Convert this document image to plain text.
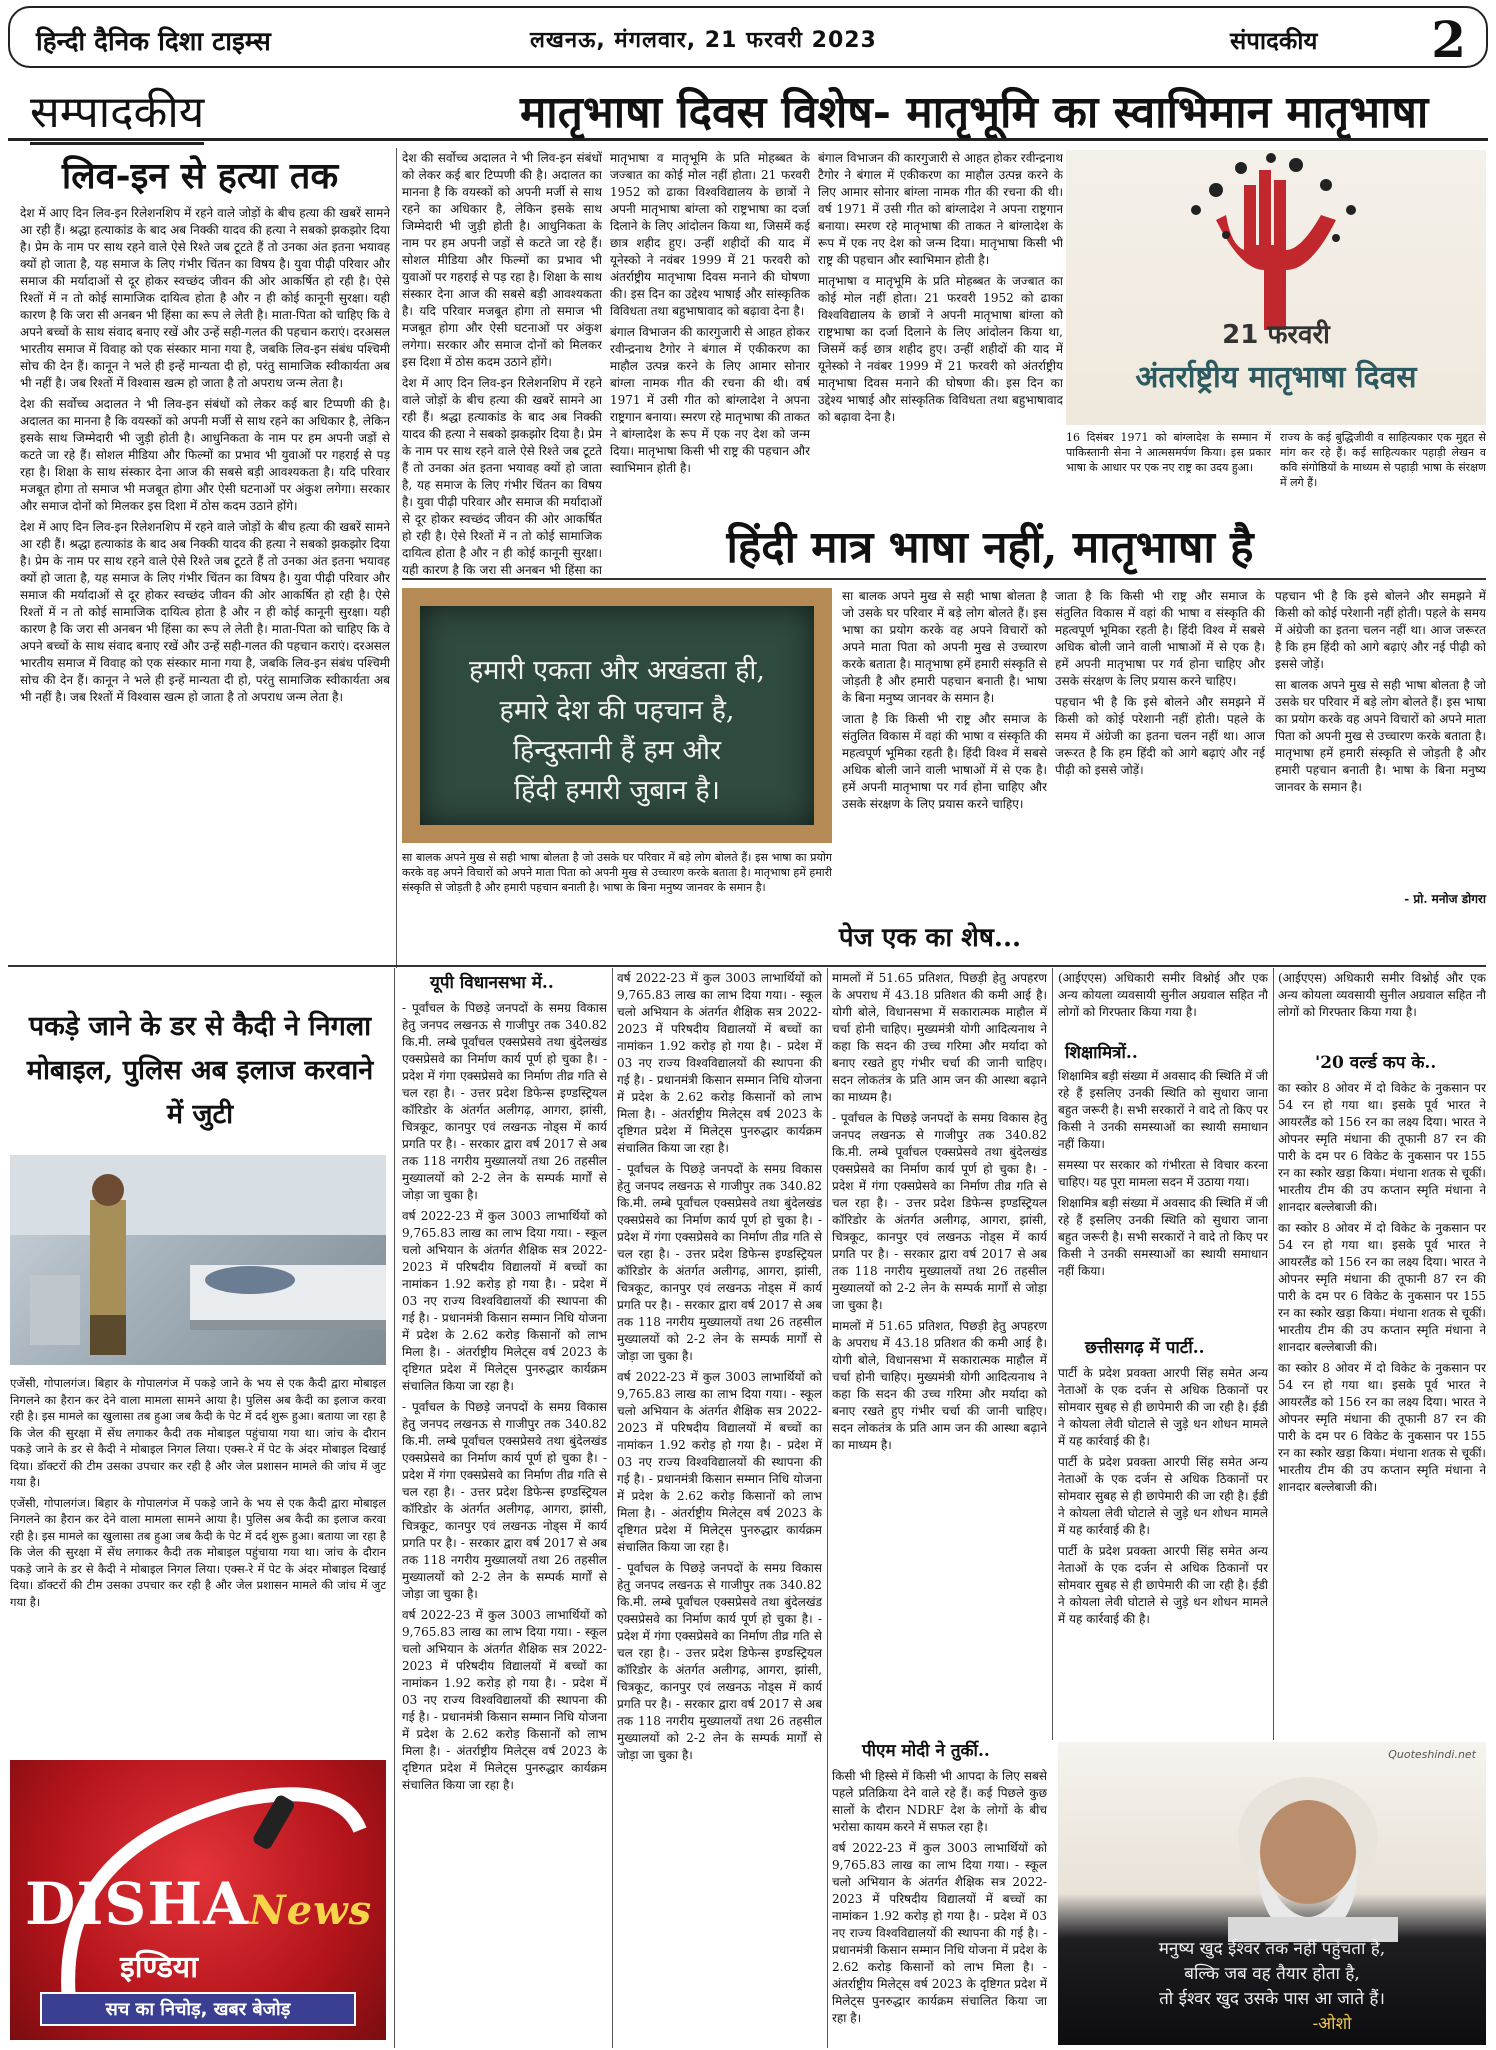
हिन्दी दैनिक दिशा टाइम्स	लखनऊ, मंगलवार, 21 फरवरी 2023	संपादकीय 2
सम्पादकीय	मातृभाषा दिवस विशेष- मातृभूमि का स्वाभिमान मातृभाषा
लिव-इन से हत्या तक

देश में आए दिन लिव-इन रिलेशनशिप में रहने वाले जोड़ों के बीच हत्या की खबरें सामने आ रही हैं। श्रद्धा हत्याकांड के बाद अब निक्की यादव की हत्या ने सबको झकझोर दिया है। प्रेम के नाम पर साथ रहने वाले ऐसे रिश्ते जब टूटते हैं तो उनका अंत इतना भयावह क्यों हो जाता है, यह समाज के लिए गंभीर चिंतन का विषय है। युवा पीढ़ी परिवार और समाज की मर्यादाओं से दूर होकर स्वच्छंद जीवन की ओर आकर्षित हो रही है। ऐसे रिश्तों में न तो कोई सामाजिक दायित्व होता है और न ही कोई कानूनी सुरक्षा। यही कारण है कि जरा सी अनबन भी हिंसा का रूप ले लेती है। माता-पिता को चाहिए कि वे अपने बच्चों के साथ संवाद बनाए रखें और उन्हें सही-गलत की पहचान कराएं। दरअसल भारतीय समाज में विवाह को एक संस्कार माना गया है, जबकि लिव-इन संबंध पश्चिमी सोच की देन हैं। कानून ने भले ही इन्हें मान्यता दी हो, परंतु सामाजिक स्वीकार्यता अब भी नहीं है। जब रिश्तों में विश्वास खत्म हो जाता है तो अपराध जन्म लेता है।

देश की सर्वोच्च अदालत ने भी लिव-इन संबंधों को लेकर कई बार टिप्पणी की है। अदालत का मानना है कि वयस्कों को अपनी मर्जी से साथ रहने का अधिकार है, लेकिन इसके साथ जिम्मेदारी भी जुड़ी होती है। आधुनिकता के नाम पर हम अपनी जड़ों से कटते जा रहे हैं। सोशल मीडिया और फिल्मों का प्रभाव भी युवाओं पर गहराई से पड़ रहा है। शिक्षा के साथ संस्कार देना आज की सबसे बड़ी आवश्यकता है। यदि परिवार मजबूत होगा तो समाज भी मजबूत होगा और ऐसी घटनाओं पर अंकुश लगेगा। सरकार और समाज दोनों को मिलकर इस दिशा में ठोस कदम उठाने होंगे।

देश में आए दिन लिव-इन रिलेशनशिप में रहने वाले जोड़ों के बीच हत्या की खबरें सामने आ रही हैं। श्रद्धा हत्याकांड के बाद अब निक्की यादव की हत्या ने सबको झकझोर दिया है। प्रेम के नाम पर साथ रहने वाले ऐसे रिश्ते जब टूटते हैं तो उनका अंत इतना भयावह क्यों हो जाता है, यह समाज के लिए गंभीर चिंतन का विषय है। युवा पीढ़ी परिवार और समाज की मर्यादाओं से दूर होकर स्वच्छंद जीवन की ओर आकर्षित हो रही है। ऐसे रिश्तों में न तो कोई सामाजिक दायित्व होता है और न ही कोई कानूनी सुरक्षा। यही कारण है कि जरा सी अनबन भी हिंसा का रूप ले लेती है। माता-पिता को चाहिए कि वे अपने बच्चों के साथ संवाद बनाए रखें और उन्हें सही-गलत की पहचान कराएं। दरअसल भारतीय समाज में विवाह को एक संस्कार माना गया है, जबकि लिव-इन संबंध पश्चिमी सोच की देन हैं। कानून ने भले ही इन्हें मान्यता दी हो, परंतु सामाजिक स्वीकार्यता अब भी नहीं है। जब रिश्तों में विश्वास खत्म हो जाता है तो अपराध जन्म लेता है।

देश की सर्वोच्च अदालत ने भी लिव-इन संबंधों को लेकर कई बार टिप्पणी की है। अदालत का मानना है कि वयस्कों को अपनी मर्जी से साथ रहने का अधिकार है, लेकिन इसके साथ जिम्मेदारी भी जुड़ी होती है। आधुनिकता के नाम पर हम अपनी जड़ों से कटते जा रहे हैं। सोशल मीडिया और फिल्मों का प्रभाव भी युवाओं पर गहराई से पड़ रहा है। शिक्षा के साथ संस्कार देना आज की सबसे बड़ी आवश्यकता है। यदि परिवार मजबूत होगा तो समाज भी मजबूत होगा और ऐसी घटनाओं पर अंकुश लगेगा। सरकार और समाज दोनों को मिलकर इस दिशा में ठोस कदम उठाने होंगे।

देश में आए दिन लिव-इन रिलेशनशिप में रहने वाले जोड़ों के बीच हत्या की खबरें सामने आ रही हैं। श्रद्धा हत्याकांड के बाद अब निक्की यादव की हत्या ने सबको झकझोर दिया है। प्रेम के नाम पर साथ रहने वाले ऐसे रिश्ते जब टूटते हैं तो उनका अंत इतना भयावह क्यों हो जाता है, यह समाज के लिए गंभीर चिंतन का विषय है। युवा पीढ़ी परिवार और समाज की मर्यादाओं से दूर होकर स्वच्छंद जीवन की ओर आकर्षित हो रही है। ऐसे रिश्तों में न तो कोई सामाजिक दायित्व होता है और न ही कोई कानूनी सुरक्षा। यही कारण है कि जरा सी अनबन भी हिंसा का

मातृभाषा व मातृभूमि के प्रति मोहब्बत के जज्बात का कोई मोल नहीं होता। 21 फरवरी 1952 को ढाका विश्वविद्यालय के छात्रों ने अपनी मातृभाषा बांग्ला को राष्ट्रभाषा का दर्जा दिलाने के लिए आंदोलन किया था, जिसमें कई छात्र शहीद हुए। उन्हीं शहीदों की याद में यूनेस्को ने नवंबर 1999 में 21 फरवरी को अंतर्राष्ट्रीय मातृभाषा दिवस मनाने की घोषणा की। इस दिन का उद्देश्य भाषाई और सांस्कृतिक विविधता तथा बहुभाषावाद को बढ़ावा देना है।

बंगाल विभाजन की कारगुजारी से आहत होकर रवीन्द्रनाथ टैगोर ने बंगाल में एकीकरण का माहौल उत्पन्न करने के लिए आमार सोनार बांग्ला नामक गीत की रचना की थी। वर्ष 1971 में उसी गीत को बांग्लादेश ने अपना राष्ट्रगान बनाया। स्मरण रहे मातृभाषा की ताकत ने बांग्लादेश के रूप में एक नए देश को जन्म दिया। मातृभाषा किसी भी राष्ट्र की पहचान और स्वाभिमान होती है।

बंगाल विभाजन की कारगुजारी से आहत होकर रवीन्द्रनाथ टैगोर ने बंगाल में एकीकरण का माहौल उत्पन्न करने के लिए आमार सोनार बांग्ला नामक गीत की रचना की थी। वर्ष 1971 में उसी गीत को बांग्लादेश ने अपना राष्ट्रगान बनाया। स्मरण रहे मातृभाषा की ताकत ने बांग्लादेश के रूप में एक नए देश को जन्म दिया। मातृभाषा किसी भी राष्ट्र की पहचान और स्वाभिमान होती है।

मातृभाषा व मातृभूमि के प्रति मोहब्बत के जज्बात का कोई मोल नहीं होता। 21 फरवरी 1952 को ढाका विश्वविद्यालय के छात्रों ने अपनी मातृभाषा बांग्ला को राष्ट्रभाषा का दर्जा दिलाने के लिए आंदोलन किया था, जिसमें कई छात्र शहीद हुए। उन्हीं शहीदों की याद में यूनेस्को ने नवंबर 1999 में 21 फरवरी को अंतर्राष्ट्रीय मातृभाषा दिवस मनाने की घोषणा की। इस दिन का उद्देश्य भाषाई और सांस्कृतिक विविधता तथा बहुभाषावाद को बढ़ावा देना है।

21 फरवरी
अंतर्राष्ट्रीय मातृभाषा दिवस
16 दिसंबर 1971 को बांग्लादेश के सम्मान में पाकिस्तानी सेना ने आत्मसमर्पण किया। इस प्रकार भाषा के आधार पर एक नए राष्ट्र का उदय हुआ।
राज्य के कई बुद्धिजीवी व साहित्यकार एक मुद्दत से मांग कर रहे हैं। कई साहित्यकार पहाड़ी लेखन व कवि संगोष्ठियों के माध्यम से पहाड़ी भाषा के संरक्षण में लगे हैं।
हिंदी मात्र भाषा नहीं, मातृभाषा है
हमारी एकता और अखंडता ही,
हमारे देश की पहचान है,
हिन्दुस्तानी हैं हम और
हिंदी हमारी जुबान है।
सा बालक अपने मुख से सही भाषा बोलता है जो उसके घर परिवार में बड़े लोग बोलते हैं। इस भाषा का प्रयोग करके वह अपने विचारों को अपने माता पिता को अपनी मुख से उच्चारण करके बताता है। मातृभाषा हमें हमारी संस्कृति से जोड़ती है और हमारी पहचान बनाती है। भाषा के बिना मनुष्य जानवर के समान है।

सा बालक अपने मुख से सही भाषा बोलता है जो उसके घर परिवार में बड़े लोग बोलते हैं। इस भाषा का प्रयोग करके वह अपने विचारों को अपने माता पिता को अपनी मुख से उच्चारण करके बताता है। मातृभाषा हमें हमारी संस्कृति से जोड़ती है और हमारी पहचान बनाती है। भाषा के बिना मनुष्य जानवर के समान है।

जाता है कि किसी भी राष्ट्र और समाज के संतुलित विकास में वहां की भाषा व संस्कृति की महत्वपूर्ण भूमिका रहती है। हिंदी विश्व में सबसे अधिक बोली जाने वाली भाषाओं में से एक है। हमें अपनी मातृभाषा पर गर्व होना चाहिए और उसके संरक्षण के लिए प्रयास करने चाहिए।

जाता है कि किसी भी राष्ट्र और समाज के संतुलित विकास में वहां की भाषा व संस्कृति की महत्वपूर्ण भूमिका रहती है। हिंदी विश्व में सबसे अधिक बोली जाने वाली भाषाओं में से एक है। हमें अपनी मातृभाषा पर गर्व होना चाहिए और उसके संरक्षण के लिए प्रयास करने चाहिए।

पहचान भी है कि इसे बोलने और समझने में किसी को कोई परेशानी नहीं होती। पहले के समय में अंग्रेजी का इतना चलन नहीं था। आज जरूरत है कि हम हिंदी को आगे बढ़ाएं और नई पीढ़ी को इससे जोड़ें।

पहचान भी है कि इसे बोलने और समझने में किसी को कोई परेशानी नहीं होती। पहले के समय में अंग्रेजी का इतना चलन नहीं था। आज जरूरत है कि हम हिंदी को आगे बढ़ाएं और नई पीढ़ी को इससे जोड़ें।

सा बालक अपने मुख से सही भाषा बोलता है जो उसके घर परिवार में बड़े लोग बोलते हैं। इस भाषा का प्रयोग करके वह अपने विचारों को अपने माता पिता को अपनी मुख से उच्चारण करके बताता है। मातृभाषा हमें हमारी संस्कृति से जोड़ती है और हमारी पहचान बनाती है। भाषा के बिना मनुष्य जानवर के समान है।

- प्रो. मनोज डोगरा
पेज एक का शेष...
पकड़े जाने के डर से कैदी ने निगला मोबाइल, पुलिस अब इलाज करवाने में जुटी

एजेंसी, गोपालगंज। बिहार के गोपालगंज में पकड़े जाने के भय से एक कैदी द्वारा मोबाइल निगलने का हैरान कर देने वाला मामला सामने आया है। पुलिस अब कैदी का इलाज करवा रही है। इस मामले का खुलासा तब हुआ जब कैदी के पेट में दर्द शुरू हुआ। बताया जा रहा है कि जेल की सुरक्षा में सेंध लगाकर कैदी तक मोबाइल पहुंचाया गया था। जांच के दौरान पकड़े जाने के डर से कैदी ने मोबाइल निगल लिया। एक्स-रे में पेट के अंदर मोबाइल दिखाई दिया। डॉक्टरों की टीम उसका उपचार कर रही है और जेल प्रशासन मामले की जांच में जुट गया है।

एजेंसी, गोपालगंज। बिहार के गोपालगंज में पकड़े जाने के भय से एक कैदी द्वारा मोबाइल निगलने का हैरान कर देने वाला मामला सामने आया है। पुलिस अब कैदी का इलाज करवा रही है। इस मामले का खुलासा तब हुआ जब कैदी के पेट में दर्द शुरू हुआ। बताया जा रहा है कि जेल की सुरक्षा में सेंध लगाकर कैदी तक मोबाइल पहुंचाया गया था। जांच के दौरान पकड़े जाने के डर से कैदी ने मोबाइल निगल लिया। एक्स-रे में पेट के अंदर मोबाइल दिखाई दिया। डॉक्टरों की टीम उसका उपचार कर रही है और जेल प्रशासन मामले की जांच में जुट गया है।

DISHANews
इण्डिया
सच का निचोड़, खबर बेजोड़
यूपी विधानसभा में..

- पूर्वांचल के पिछड़े जनपदों के समग्र विकास हेतु जनपद लखनऊ से गाजीपुर तक 340.82 कि.मी. लम्बे पूर्वांचल एक्सप्रेसवे तथा बुंदेलखंड एक्सप्रेसवे का निर्माण कार्य पूर्ण हो चुका है। - प्रदेश में गंगा एक्सप्रेसवे का निर्माण तीव्र गति से चल रहा है। - उत्तर प्रदेश डिफेन्स इण्डस्ट्रियल कॉरिडोर के अंतर्गत अलीगढ़, आगरा, झांसी, चित्रकूट, कानपुर एवं लखनऊ नोड्स में कार्य प्रगति पर है। - सरकार द्वारा वर्ष 2017 से अब तक 118 नगरीय मुख्यालयों तथा 26 तहसील मुख्यालयों को 2-2 लेन के सम्पर्क मार्गों से जोड़ा जा चुका है।

वर्ष 2022-23 में कुल 3003 लाभार्थियों को 9,765.83 लाख का लाभ दिया गया। - स्कूल चलो अभियान के अंतर्गत शैक्षिक सत्र 2022-2023 में परिषदीय विद्यालयों में बच्चों का नामांकन 1.92 करोड़ हो गया है। - प्रदेश में 03 नए राज्य विश्वविद्यालयों की स्थापना की गई है। - प्रधानमंत्री किसान सम्मान निधि योजना में प्रदेश के 2.62 करोड़ किसानों को लाभ मिला है। - अंतर्राष्ट्रीय मिलेट्स वर्ष 2023 के दृष्टिगत प्रदेश में मिलेट्स पुनरुद्धार कार्यक्रम संचालित किया जा रहा है।

- पूर्वांचल के पिछड़े जनपदों के समग्र विकास हेतु जनपद लखनऊ से गाजीपुर तक 340.82 कि.मी. लम्बे पूर्वांचल एक्सप्रेसवे तथा बुंदेलखंड एक्सप्रेसवे का निर्माण कार्य पूर्ण हो चुका है। - प्रदेश में गंगा एक्सप्रेसवे का निर्माण तीव्र गति से चल रहा है। - उत्तर प्रदेश डिफेन्स इण्डस्ट्रियल कॉरिडोर के अंतर्गत अलीगढ़, आगरा, झांसी, चित्रकूट, कानपुर एवं लखनऊ नोड्स में कार्य प्रगति पर है। - सरकार द्वारा वर्ष 2017 से अब तक 118 नगरीय मुख्यालयों तथा 26 तहसील मुख्यालयों को 2-2 लेन के सम्पर्क मार्गों से जोड़ा जा चुका है।

वर्ष 2022-23 में कुल 3003 लाभार्थियों को 9,765.83 लाख का लाभ दिया गया। - स्कूल चलो अभियान के अंतर्गत शैक्षिक सत्र 2022-2023 में परिषदीय विद्यालयों में बच्चों का नामांकन 1.92 करोड़ हो गया है। - प्रदेश में 03 नए राज्य विश्वविद्यालयों की स्थापना की गई है। - प्रधानमंत्री किसान सम्मान निधि योजना में प्रदेश के 2.62 करोड़ किसानों को लाभ मिला है। - अंतर्राष्ट्रीय मिलेट्स वर्ष 2023 के दृष्टिगत प्रदेश में मिलेट्स पुनरुद्धार कार्यक्रम संचालित किया जा रहा है।

वर्ष 2022-23 में कुल 3003 लाभार्थियों को 9,765.83 लाख का लाभ दिया गया। - स्कूल चलो अभियान के अंतर्गत शैक्षिक सत्र 2022-2023 में परिषदीय विद्यालयों में बच्चों का नामांकन 1.92 करोड़ हो गया है। - प्रदेश में 03 नए राज्य विश्वविद्यालयों की स्थापना की गई है। - प्रधानमंत्री किसान सम्मान निधि योजना में प्रदेश के 2.62 करोड़ किसानों को लाभ मिला है। - अंतर्राष्ट्रीय मिलेट्स वर्ष 2023 के दृष्टिगत प्रदेश में मिलेट्स पुनरुद्धार कार्यक्रम संचालित किया जा रहा है।

- पूर्वांचल के पिछड़े जनपदों के समग्र विकास हेतु जनपद लखनऊ से गाजीपुर तक 340.82 कि.मी. लम्बे पूर्वांचल एक्सप्रेसवे तथा बुंदेलखंड एक्सप्रेसवे का निर्माण कार्य पूर्ण हो चुका है। - प्रदेश में गंगा एक्सप्रेसवे का निर्माण तीव्र गति से चल रहा है। - उत्तर प्रदेश डिफेन्स इण्डस्ट्रियल कॉरिडोर के अंतर्गत अलीगढ़, आगरा, झांसी, चित्रकूट, कानपुर एवं लखनऊ नोड्स में कार्य प्रगति पर है। - सरकार द्वारा वर्ष 2017 से अब तक 118 नगरीय मुख्यालयों तथा 26 तहसील मुख्यालयों को 2-2 लेन के सम्पर्क मार्गों से जोड़ा जा चुका है।

वर्ष 2022-23 में कुल 3003 लाभार्थियों को 9,765.83 लाख का लाभ दिया गया। - स्कूल चलो अभियान के अंतर्गत शैक्षिक सत्र 2022-2023 में परिषदीय विद्यालयों में बच्चों का नामांकन 1.92 करोड़ हो गया है। - प्रदेश में 03 नए राज्य विश्वविद्यालयों की स्थापना की गई है। - प्रधानमंत्री किसान सम्मान निधि योजना में प्रदेश के 2.62 करोड़ किसानों को लाभ मिला है। - अंतर्राष्ट्रीय मिलेट्स वर्ष 2023 के दृष्टिगत प्रदेश में मिलेट्स पुनरुद्धार कार्यक्रम संचालित किया जा रहा है।

- पूर्वांचल के पिछड़े जनपदों के समग्र विकास हेतु जनपद लखनऊ से गाजीपुर तक 340.82 कि.मी. लम्बे पूर्वांचल एक्सप्रेसवे तथा बुंदेलखंड एक्सप्रेसवे का निर्माण कार्य पूर्ण हो चुका है। - प्रदेश में गंगा एक्सप्रेसवे का निर्माण तीव्र गति से चल रहा है। - उत्तर प्रदेश डिफेन्स इण्डस्ट्रियल कॉरिडोर के अंतर्गत अलीगढ़, आगरा, झांसी, चित्रकूट, कानपुर एवं लखनऊ नोड्स में कार्य प्रगति पर है। - सरकार द्वारा वर्ष 2017 से अब तक 118 नगरीय मुख्यालयों तथा 26 तहसील मुख्यालयों को 2-2 लेन के सम्पर्क मार्गों से जोड़ा जा चुका है।

मामलों में 51.65 प्रतिशत, पिछड़ी हेतु अपहरण के अपराध में 43.18 प्रतिशत की कमी आई है। योगी बोले, विधानसभा में सकारात्मक माहौल में चर्चा होनी चाहिए। मुख्यमंत्री योगी आदित्यनाथ ने कहा कि सदन की उच्च गरिमा और मर्यादा को बनाए रखते हुए गंभीर चर्चा की जानी चाहिए। सदन लोकतंत्र के प्रति आम जन की आस्था बढ़ाने का माध्यम है।

- पूर्वांचल के पिछड़े जनपदों के समग्र विकास हेतु जनपद लखनऊ से गाजीपुर तक 340.82 कि.मी. लम्बे पूर्वांचल एक्सप्रेसवे तथा बुंदेलखंड एक्सप्रेसवे का निर्माण कार्य पूर्ण हो चुका है। - प्रदेश में गंगा एक्सप्रेसवे का निर्माण तीव्र गति से चल रहा है। - उत्तर प्रदेश डिफेन्स इण्डस्ट्रियल कॉरिडोर के अंतर्गत अलीगढ़, आगरा, झांसी, चित्रकूट, कानपुर एवं लखनऊ नोड्स में कार्य प्रगति पर है। - सरकार द्वारा वर्ष 2017 से अब तक 118 नगरीय मुख्यालयों तथा 26 तहसील मुख्यालयों को 2-2 लेन के सम्पर्क मार्गों से जोड़ा जा चुका है।

मामलों में 51.65 प्रतिशत, पिछड़ी हेतु अपहरण के अपराध में 43.18 प्रतिशत की कमी आई है। योगी बोले, विधानसभा में सकारात्मक माहौल में चर्चा होनी चाहिए। मुख्यमंत्री योगी आदित्यनाथ ने कहा कि सदन की उच्च गरिमा और मर्यादा को बनाए रखते हुए गंभीर चर्चा की जानी चाहिए। सदन लोकतंत्र के प्रति आम जन की आस्था बढ़ाने का माध्यम है।

पीएम मोदी ने तुर्की..

किसी भी हिस्से में किसी भी आपदा के लिए सबसे पहले प्रतिक्रिया देने वाले रहे हैं। कई पिछले कुछ सालों के दौरान NDRF देश के लोगों के बीच भरोसा कायम करने में सफल रहा है।

वर्ष 2022-23 में कुल 3003 लाभार्थियों को 9,765.83 लाख का लाभ दिया गया। - स्कूल चलो अभियान के अंतर्गत शैक्षिक सत्र 2022-2023 में परिषदीय विद्यालयों में बच्चों का नामांकन 1.92 करोड़ हो गया है। - प्रदेश में 03 नए राज्य विश्वविद्यालयों की स्थापना की गई है। - प्रधानमंत्री किसान सम्मान निधि योजना में प्रदेश के 2.62 करोड़ किसानों को लाभ मिला है। - अंतर्राष्ट्रीय मिलेट्स वर्ष 2023 के दृष्टिगत प्रदेश में मिलेट्स पुनरुद्धार कार्यक्रम संचालित किया जा रहा है।

(आईएएस) अधिकारी समीर विश्नोई और एक अन्य कोयला व्यवसायी सुनील अग्रवाल सहित नौ लोगों को गिरफ्तार किया गया है।
शिक्षामित्रों..

शिक्षामित्र बड़ी संख्या में अवसाद की स्थिति में जी रहे हैं इसलिए उनकी स्थिति को सुधारा जाना बहुत जरूरी है। सभी सरकारों ने वादे तो किए पर किसी ने उनकी समस्याओं का स्थायी समाधान नहीं किया।

समस्या पर सरकार को गंभीरता से विचार करना चाहिए। यह पूरा मामला सदन में उठाया गया।

शिक्षामित्र बड़ी संख्या में अवसाद की स्थिति में जी रहे हैं इसलिए उनकी स्थिति को सुधारा जाना बहुत जरूरी है। सभी सरकारों ने वादे तो किए पर किसी ने उनकी समस्याओं का स्थायी समाधान नहीं किया।

छत्तीसगढ़ में पार्टी..

पार्टी के प्रदेश प्रवक्ता आरपी सिंह समेत अन्य नेताओं के एक दर्जन से अधिक ठिकानों पर सोमवार सुबह से ही छापेमारी की जा रही है। ईडी ने कोयला लेवी घोटाले से जुड़े धन शोधन मामले में यह कार्रवाई की है।

पार्टी के प्रदेश प्रवक्ता आरपी सिंह समेत अन्य नेताओं के एक दर्जन से अधिक ठिकानों पर सोमवार सुबह से ही छापेमारी की जा रही है। ईडी ने कोयला लेवी घोटाले से जुड़े धन शोधन मामले में यह कार्रवाई की है।

पार्टी के प्रदेश प्रवक्ता आरपी सिंह समेत अन्य नेताओं के एक दर्जन से अधिक ठिकानों पर सोमवार सुबह से ही छापेमारी की जा रही है। ईडी ने कोयला लेवी घोटाले से जुड़े धन शोधन मामले में यह कार्रवाई की है।

(आईएएस) अधिकारी समीर विश्नोई और एक अन्य कोयला व्यवसायी सुनील अग्रवाल सहित नौ लोगों को गिरफ्तार किया गया है।
'20 वर्ल्ड कप के..

का स्कोर 8 ओवर में दो विकेट के नुकसान पर 54 रन हो गया था। इसके पूर्व भारत ने आयरलैंड को 156 रन का लक्ष्य दिया। भारत ने ओपनर स्मृति मंधाना की तूफानी 87 रन की पारी के दम पर 6 विकेट के नुकसान पर 155 रन का स्कोर खड़ा किया। मंधाना शतक से चूकीं। भारतीय टीम की उप कप्तान स्मृति मंधाना ने शानदार बल्लेबाजी की।

का स्कोर 8 ओवर में दो विकेट के नुकसान पर 54 रन हो गया था। इसके पूर्व भारत ने आयरलैंड को 156 रन का लक्ष्य दिया। भारत ने ओपनर स्मृति मंधाना की तूफानी 87 रन की पारी के दम पर 6 विकेट के नुकसान पर 155 रन का स्कोर खड़ा किया। मंधाना शतक से चूकीं। भारतीय टीम की उप कप्तान स्मृति मंधाना ने शानदार बल्लेबाजी की।

का स्कोर 8 ओवर में दो विकेट के नुकसान पर 54 रन हो गया था। इसके पूर्व भारत ने आयरलैंड को 156 रन का लक्ष्य दिया। भारत ने ओपनर स्मृति मंधाना की तूफानी 87 रन की पारी के दम पर 6 विकेट के नुकसान पर 155 रन का स्कोर खड़ा किया। मंधाना शतक से चूकीं। भारतीय टीम की उप कप्तान स्मृति मंधाना ने शानदार बल्लेबाजी की।

Quoteshindi.net
मनुष्य खुद ईश्वर तक नहीं पहुँचता है,
बल्कि जब वह तैयार होता है,
तो ईश्वर खुद उसके पास आ जाते हैं।
-ओशो
